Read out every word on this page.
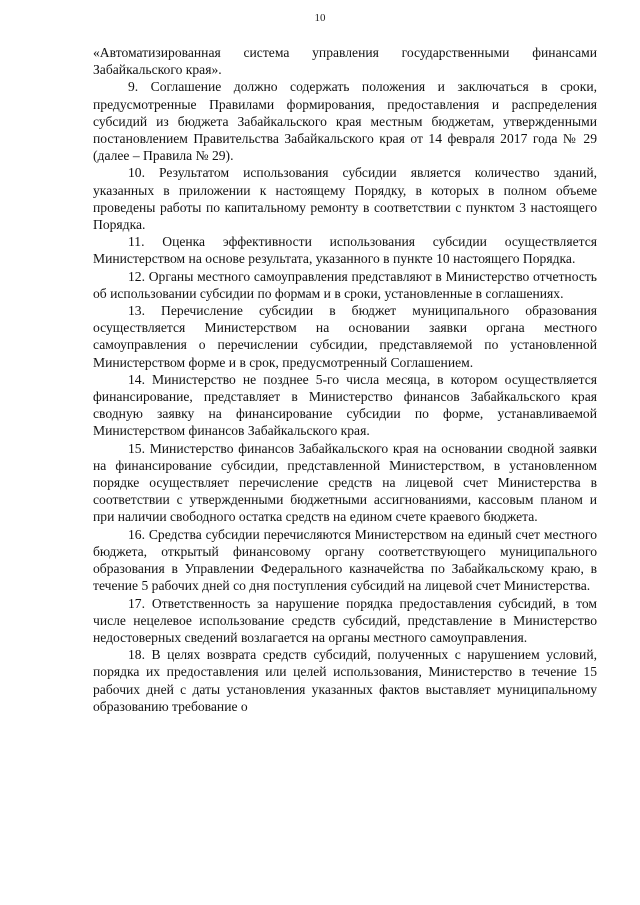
10

«Автоматизированная система управления государственными финансами Забайкальского края».

9. Соглашение должно содержать положения и заключаться в сроки, предусмотренные Правилами формирования, предоставления и распределения субсидий из бюджета Забайкальского края местным бюджетам, утвержденными постановлением Правительства Забайкальского края от 14 февраля 2017 года № 29 (далее – Правила № 29).

10. Результатом использования субсидии является количество зданий, указанных в приложении к настоящему Порядку, в которых в полном объеме проведены работы по капитальному ремонту в соответствии с пунктом 3 настоящего Порядка.

11. Оценка эффективности использования субсидии осуществляется Министерством на основе результата, указанного в пункте 10 настоящего Порядка.

12. Органы местного самоуправления представляют в Министерство отчетность об использовании субсидии по формам и в сроки, установленные в соглашениях.

13. Перечисление субсидии в бюджет муниципального образования осуществляется Министерством на основании заявки органа местного самоуправления о перечислении субсидии, представляемой по установленной Министерством форме и в срок, предусмотренный Соглашением.

14. Министерство не позднее 5-го числа месяца, в котором осуществляется финансирование, представляет в Министерство финансов Забайкальского края сводную заявку на финансирование субсидии по форме, устанавливаемой Министерством финансов Забайкальского края.

15. Министерство финансов Забайкальского края на основании сводной заявки на финансирование субсидии, представленной Министерством, в установленном порядке осуществляет перечисление средств на лицевой счет Министерства в соответствии с утвержденными бюджетными ассигнованиями, кассовым планом и при наличии свободного остатка средств на едином счете краевого бюджета.

16. Средства субсидии перечисляются Министерством на единый счет местного бюджета, открытый финансовому органу соответствующего муниципального образования в Управлении Федерального казначейства по Забайкальскому краю, в течение 5 рабочих дней со дня поступления субсидий на лицевой счет Министерства.

17. Ответственность за нарушение порядка предоставления субсидий, в том числе нецелевое использование средств субсидий, представление в Министерство недостоверных сведений возлагается на органы местного самоуправления.

18. В целях возврата средств субсидий, полученных с нарушением условий, порядка их предоставления или целей использования, Министерство в течение 15 рабочих дней с даты установления указанных фактов выставляет муниципальному образованию требование о
